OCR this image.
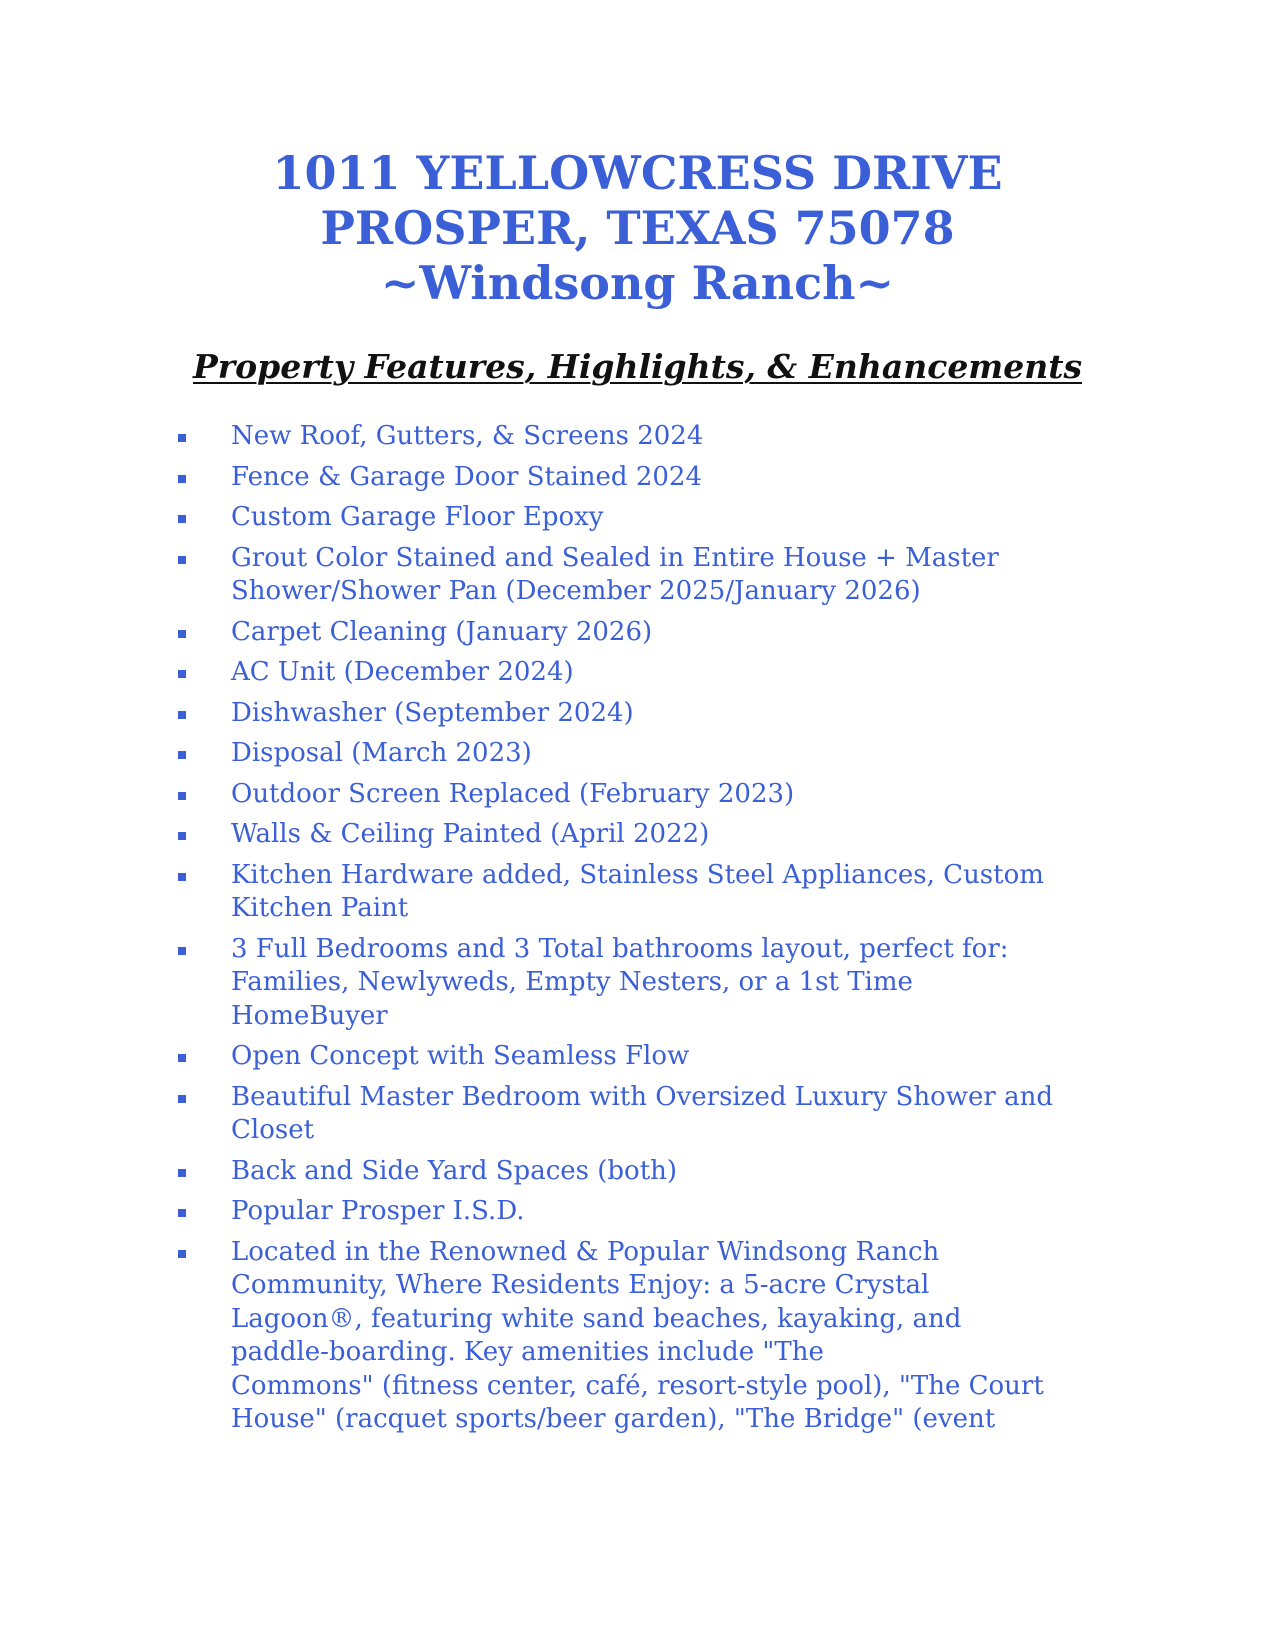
1011 YELLOWCRESS DRIVE
PROSPER, TEXAS 75078
~Windsong Ranch~
Property Features, Highlights, & Enhancements
New Roof, Gutters, & Screens 2024
Fence & Garage Door Stained 2024
Custom Garage Floor Epoxy
Grout Color Stained and Sealed in Entire House + Master
Shower/Shower Pan (December 2025/January 2026)
Carpet Cleaning (January 2026)
AC Unit (December 2024)
Dishwasher (September 2024)
Disposal (March 2023)
Outdoor Screen Replaced (February 2023)
Walls & Ceiling Painted (April 2022)
Kitchen Hardware added, Stainless Steel Appliances, Custom
Kitchen Paint
3 Full Bedrooms and 3 Total bathrooms layout, perfect for:
Families, Newlyweds, Empty Nesters, or a 1st Time
HomeBuyer
Open Concept with Seamless Flow
Beautiful Master Bedroom with Oversized Luxury Shower and
Closet
Back and Side Yard Spaces (both)
Popular Prosper I.S.D.
Located in the Renowned & Popular Windsong Ranch
Community, Where Residents Enjoy: a 5-acre Crystal
Lagoon®, featuring white sand beaches, kayaking, and
paddle-boarding. Key amenities include "The
Commons" (fitness center, café, resort-style pool), "The Court
House" (racquet sports/beer garden), "The Bridge" (event
